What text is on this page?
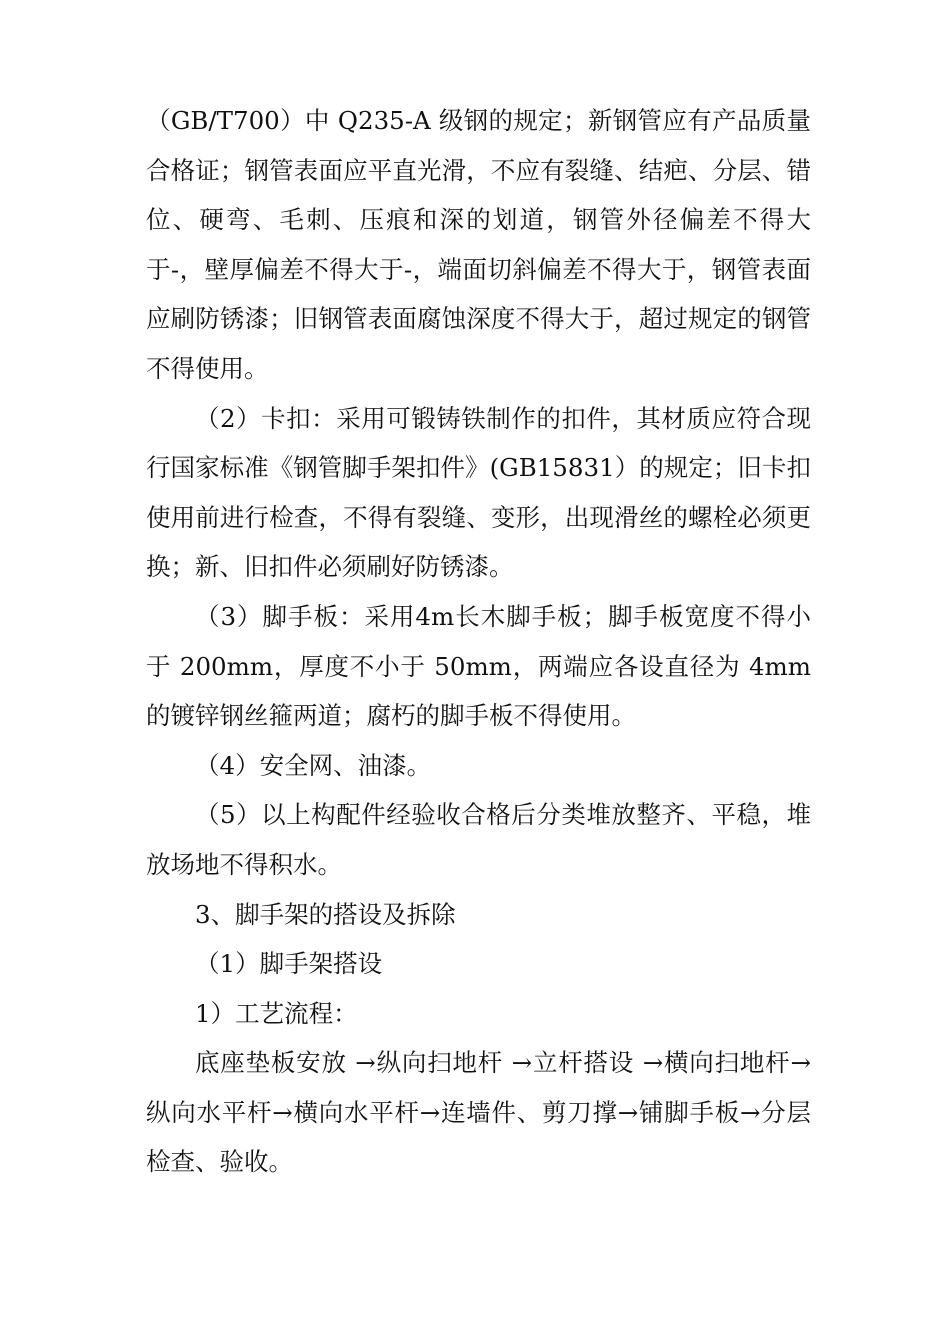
（GB/T700）中 Q235-A 级钢的规定；新钢管应有产品质量合格证；钢管表面应平直光滑，不应有裂缝、结疤、分层、错位、硬弯、毛刺、压痕和深的划道，钢管外径偏差不得大于-，壁厚偏差不得大于-，端面切斜偏差不得大于，钢管表面应刷防锈漆；旧钢管表面腐蚀深度不得大于，超过规定的钢管不得使用。

（2）卡扣：采用可锻铸铁制作的扣件，其材质应符合现行国家标准《钢管脚手架扣件》(GB15831）的规定；旧卡扣使用前进行检查，不得有裂缝、变形，出现滑丝的螺栓必须更换；新、旧扣件必须刷好防锈漆。

（3）脚手板：采用4m长木脚手板；脚手板宽度不得小于 200mm，厚度不小于 50mm，两端应各设直径为 4mm 的镀锌钢丝箍两道；腐朽的脚手板不得使用。

（4）安全网、油漆。

（5）以上构配件经验收合格后分类堆放整齐、平稳，堆放场地不得积水。

3、脚手架的搭设及拆除

（1）脚手架搭设

1）工艺流程：

底座垫板安放 →纵向扫地杆 →立杆搭设 →横向扫地杆→纵向水平杆→横向水平杆→连墙件、剪刀撑→铺脚手板→分层检查、验收。
